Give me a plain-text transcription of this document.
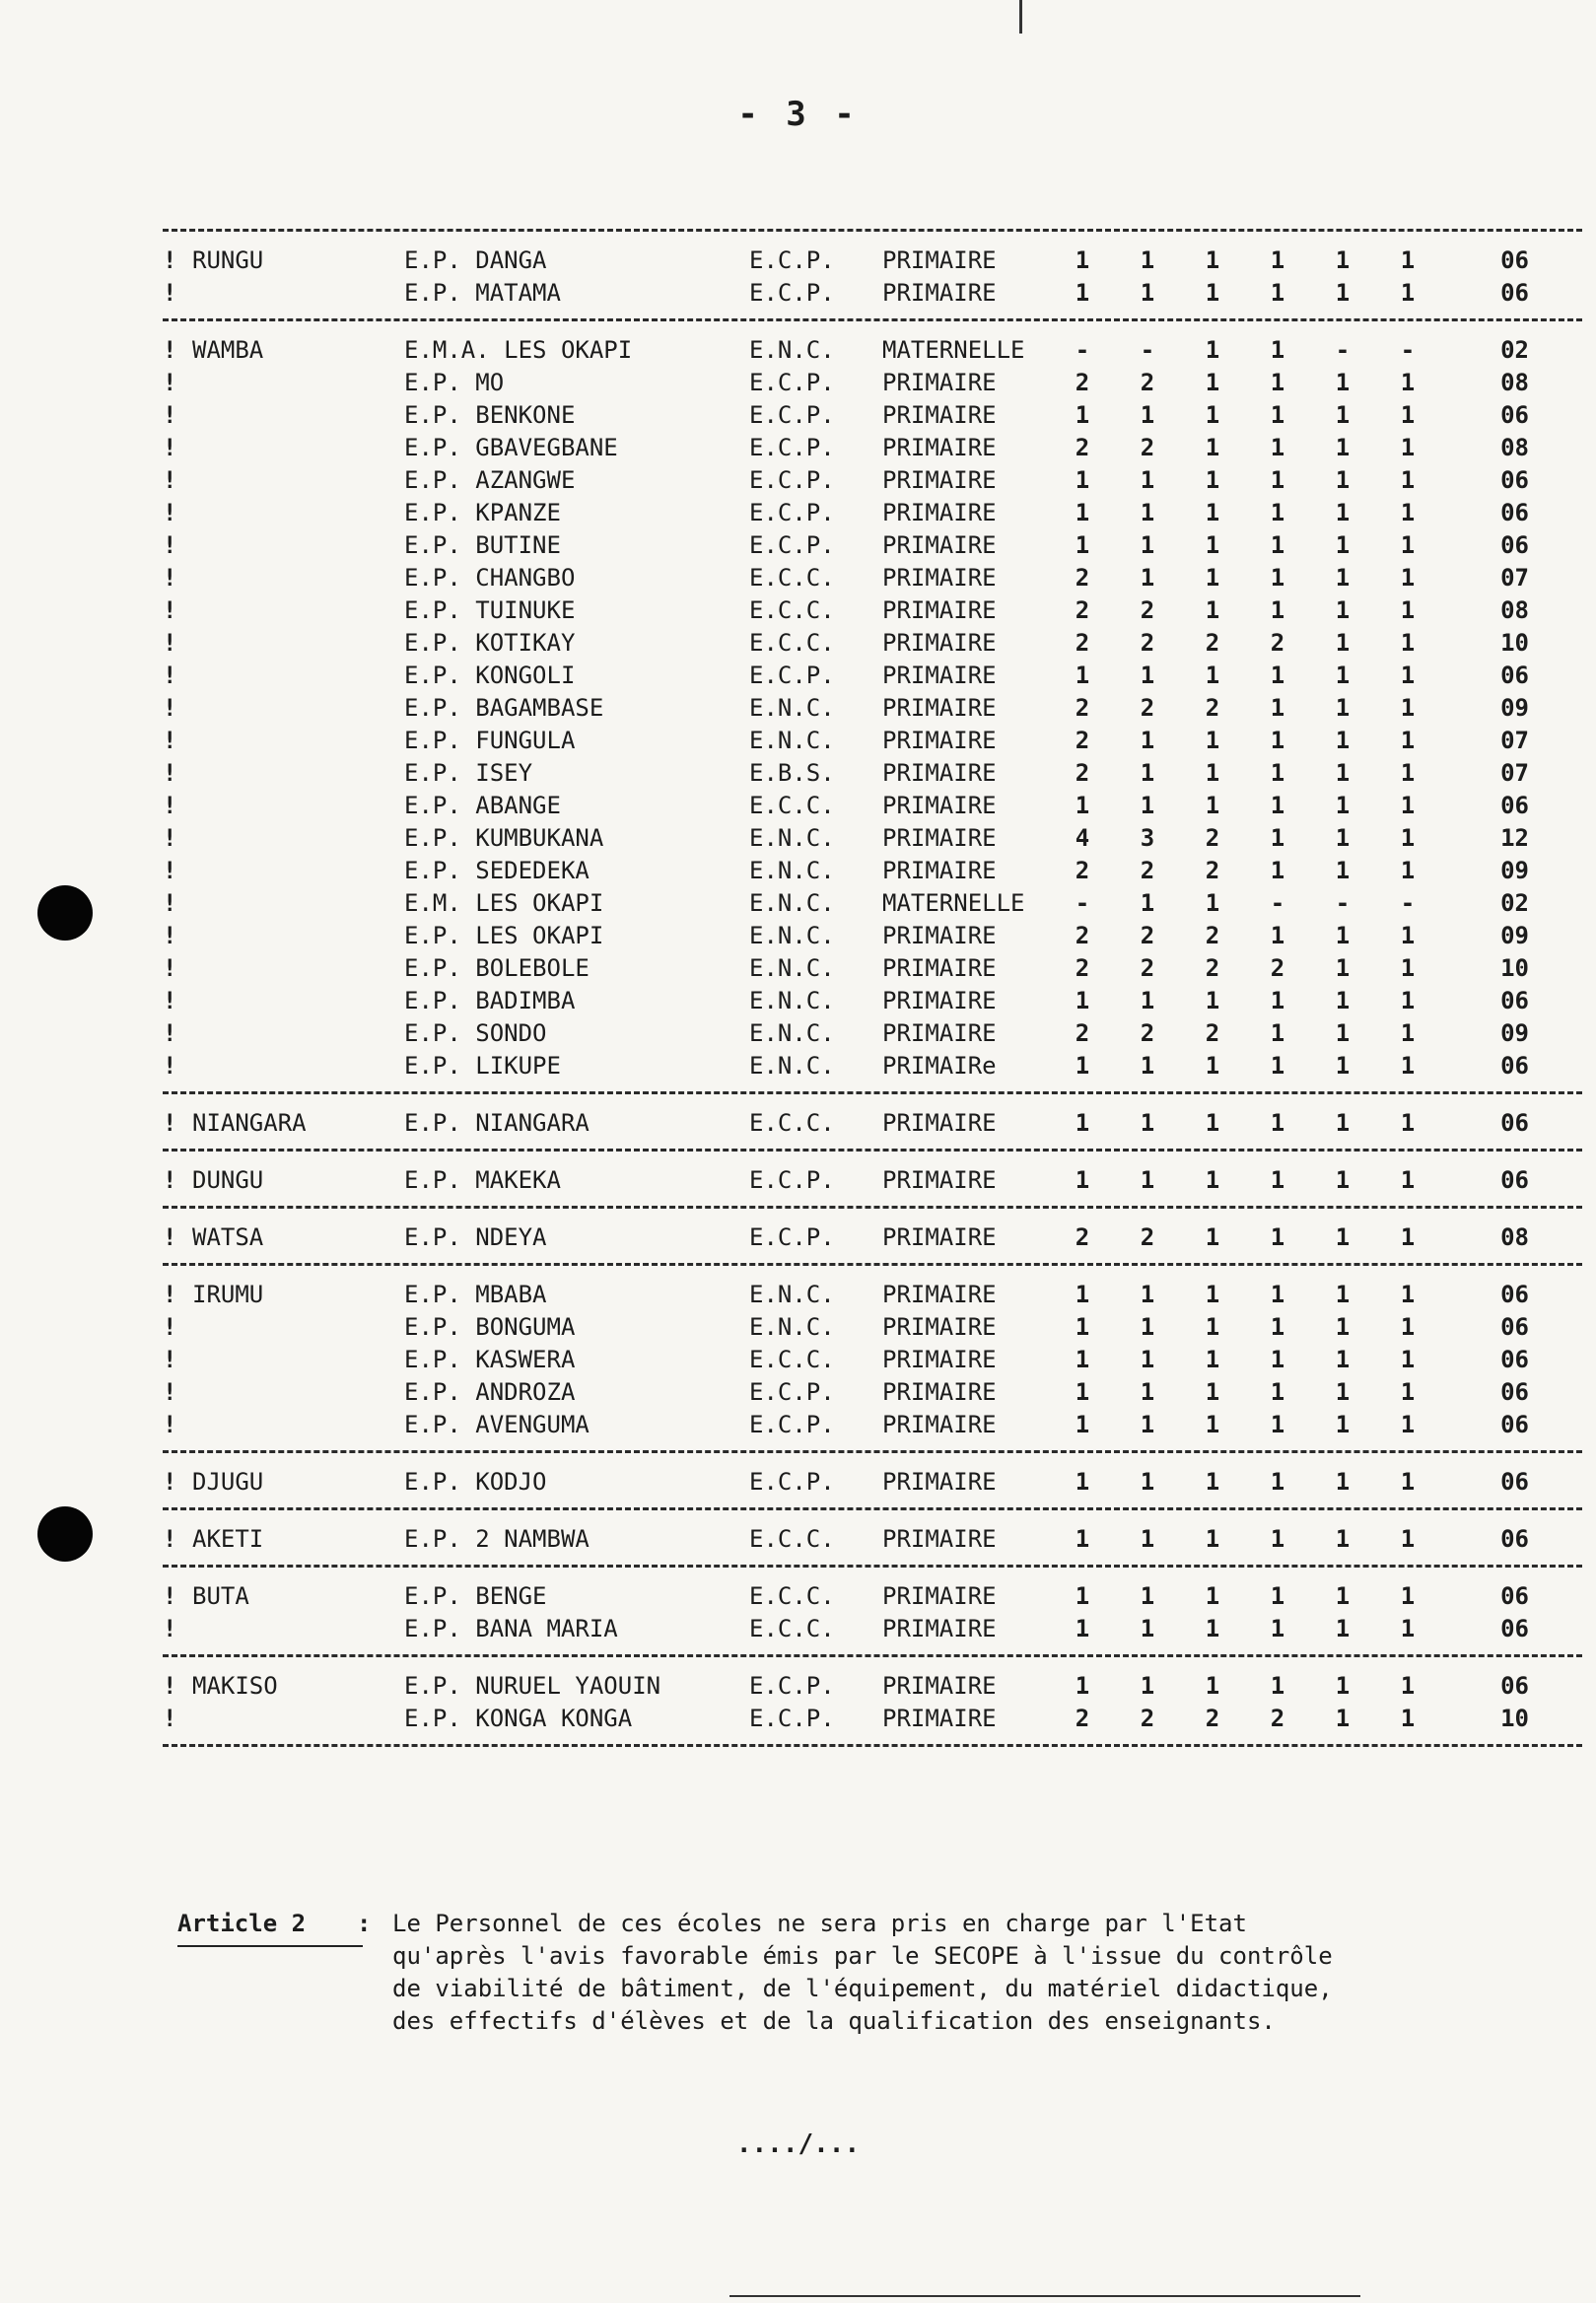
- 3 -
! RUNGU	E.P. DANGA	E.C.P.	PRIMAIRE	1	1	1	1	1	1	06
!	E.P. MATAMA	E.C.P.	PRIMAIRE	1	1	1	1	1	1	06
! WAMBA	E.M.A. LES OKAPI	E.N.C.	MATERNELLE	-	-	1	1	-	-	02
!	E.P. MO	E.C.P.	PRIMAIRE	2	2	1	1	1	1	08
!	E.P. BENKONE	E.C.P.	PRIMAIRE	1	1	1	1	1	1	06
!	E.P. GBAVEGBANE	E.C.P.	PRIMAIRE	2	2	1	1	1	1	08
!	E.P. AZANGWE	E.C.P.	PRIMAIRE	1	1	1	1	1	1	06
!	E.P. KPANZE	E.C.P.	PRIMAIRE	1	1	1	1	1	1	06
!	E.P. BUTINE	E.C.P.	PRIMAIRE	1	1	1	1	1	1	06
!	E.P. CHANGBO	E.C.C.	PRIMAIRE	2	1	1	1	1	1	07
!	E.P. TUINUKE	E.C.C.	PRIMAIRE	2	2	1	1	1	1	08
!	E.P. KOTIKAY	E.C.C.	PRIMAIRE	2	2	2	2	1	1	10
!	E.P. KONGOLI	E.C.P.	PRIMAIRE	1	1	1	1	1	1	06
!	E.P. BAGAMBASE	E.N.C.	PRIMAIRE	2	2	2	1	1	1	09
!	E.P. FUNGULA	E.N.C.	PRIMAIRE	2	1	1	1	1	1	07
!	E.P. ISEY	E.B.S.	PRIMAIRE	2	1	1	1	1	1	07
!	E.P. ABANGE	E.C.C.	PRIMAIRE	1	1	1	1	1	1	06
!	E.P. KUMBUKANA	E.N.C.	PRIMAIRE	4	3	2	1	1	1	12
!	E.P. SEDEDEKA	E.N.C.	PRIMAIRE	2	2	2	1	1	1	09
!	E.M. LES OKAPI	E.N.C.	MATERNELLE	-	1	1	-	-	-	02
!	E.P. LES OKAPI	E.N.C.	PRIMAIRE	2	2	2	1	1	1	09
!	E.P. BOLEBOLE	E.N.C.	PRIMAIRE	2	2	2	2	1	1	10
!	E.P. BADIMBA	E.N.C.	PRIMAIRE	1	1	1	1	1	1	06
!	E.P. SONDO	E.N.C.	PRIMAIRE	2	2	2	1	1	1	09
!	E.P. LIKUPE	E.N.C.	PRIMAIRe	1	1	1	1	1	1	06
! NIANGARA	E.P. NIANGARA	E.C.C.	PRIMAIRE	1	1	1	1	1	1	06
! DUNGU	E.P. MAKEKA	E.C.P.	PRIMAIRE	1	1	1	1	1	1	06
! WATSA	E.P. NDEYA	E.C.P.	PRIMAIRE	2	2	1	1	1	1	08
! IRUMU	E.P. MBABA	E.N.C.	PRIMAIRE	1	1	1	1	1	1	06
!	E.P. BONGUMA	E.N.C.	PRIMAIRE	1	1	1	1	1	1	06
!	E.P. KASWERA	E.C.C.	PRIMAIRE	1	1	1	1	1	1	06
!	E.P. ANDROZA	E.C.P.	PRIMAIRE	1	1	1	1	1	1	06
!	E.P. AVENGUMA	E.C.P.	PRIMAIRE	1	1	1	1	1	1	06
! DJUGU	E.P. KODJO	E.C.P.	PRIMAIRE	1	1	1	1	1	1	06
! AKETI	E.P. 2 NAMBWA	E.C.C.	PRIMAIRE	1	1	1	1	1	1	06
! BUTA	E.P. BENGE	E.C.C.	PRIMAIRE	1	1	1	1	1	1	06
!	E.P. BANA MARIA	E.C.C.	PRIMAIRE	1	1	1	1	1	1	06
! MAKISO	E.P. NURUEL YAOUIN	E.C.P.	PRIMAIRE	1	1	1	1	1	1	06
!	E.P. KONGA KONGA	E.C.P.	PRIMAIRE	2	2	2	2	1	1	10
Article 2 : Le Personnel de ces écoles ne sera pris en charge par l'Etat

qu'après l'avis favorable émis par le SECOPE à l'issue du contrôle

de viabilité de bâtiment, de l'équipement, du matériel didactique,

des effectifs d'élèves et de la qualification des enseignants.

..../...
